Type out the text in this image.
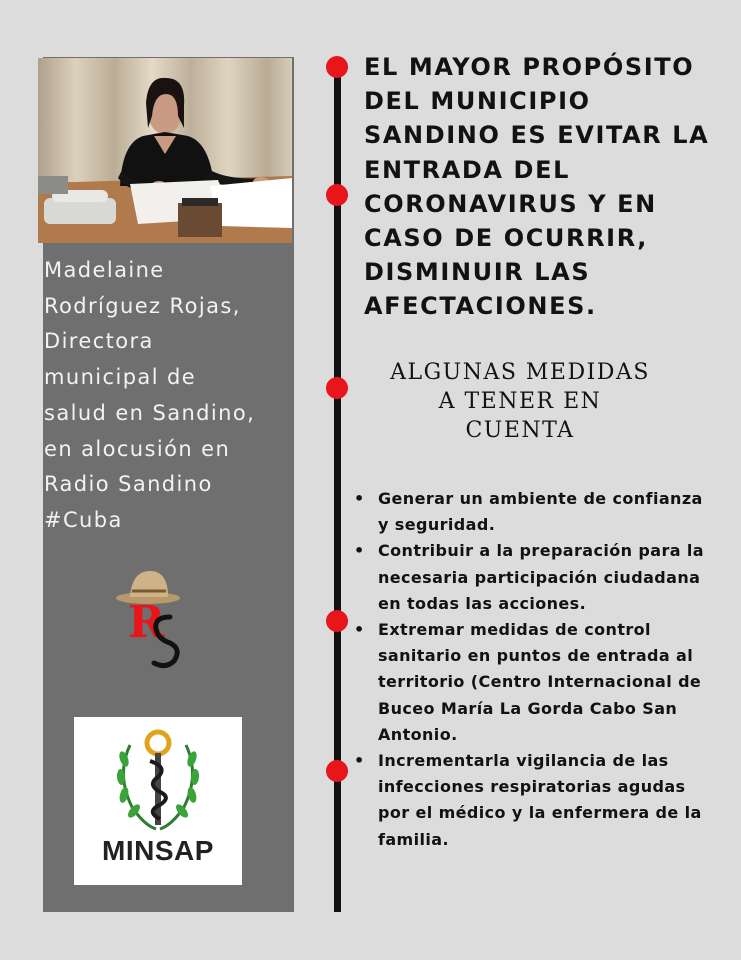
Madelaine
Rodríguez Rojas,
Directora
municipal de
salud en Sandino,
en alocusión en
Radio Sandino
#Cuba
R
MINSAP
EL MAYOR PROPÓSITO
DEL MUNICIPIO
SANDINO ES EVITAR LA
ENTRADA DEL
CORONAVIRUS Y EN
CASO DE OCURRIR,
DISMINUIR LAS
AFECTACIONES.
ALGUNAS MEDIDAS
A TENER EN
CUENTA
• Generar un ambiente de confianza
y seguridad.
• Contribuir a la preparación para la
necesaria participación ciudadana
en todas las acciones.
• Extremar medidas de control
sanitario en puntos de entrada al
territorio (Centro Internacional de
Buceo María La Gorda Cabo San
Antonio.
• Incrementarla vigilancia de las
infecciones respiratorias agudas
por el médico y la enfermera de la
familia.
